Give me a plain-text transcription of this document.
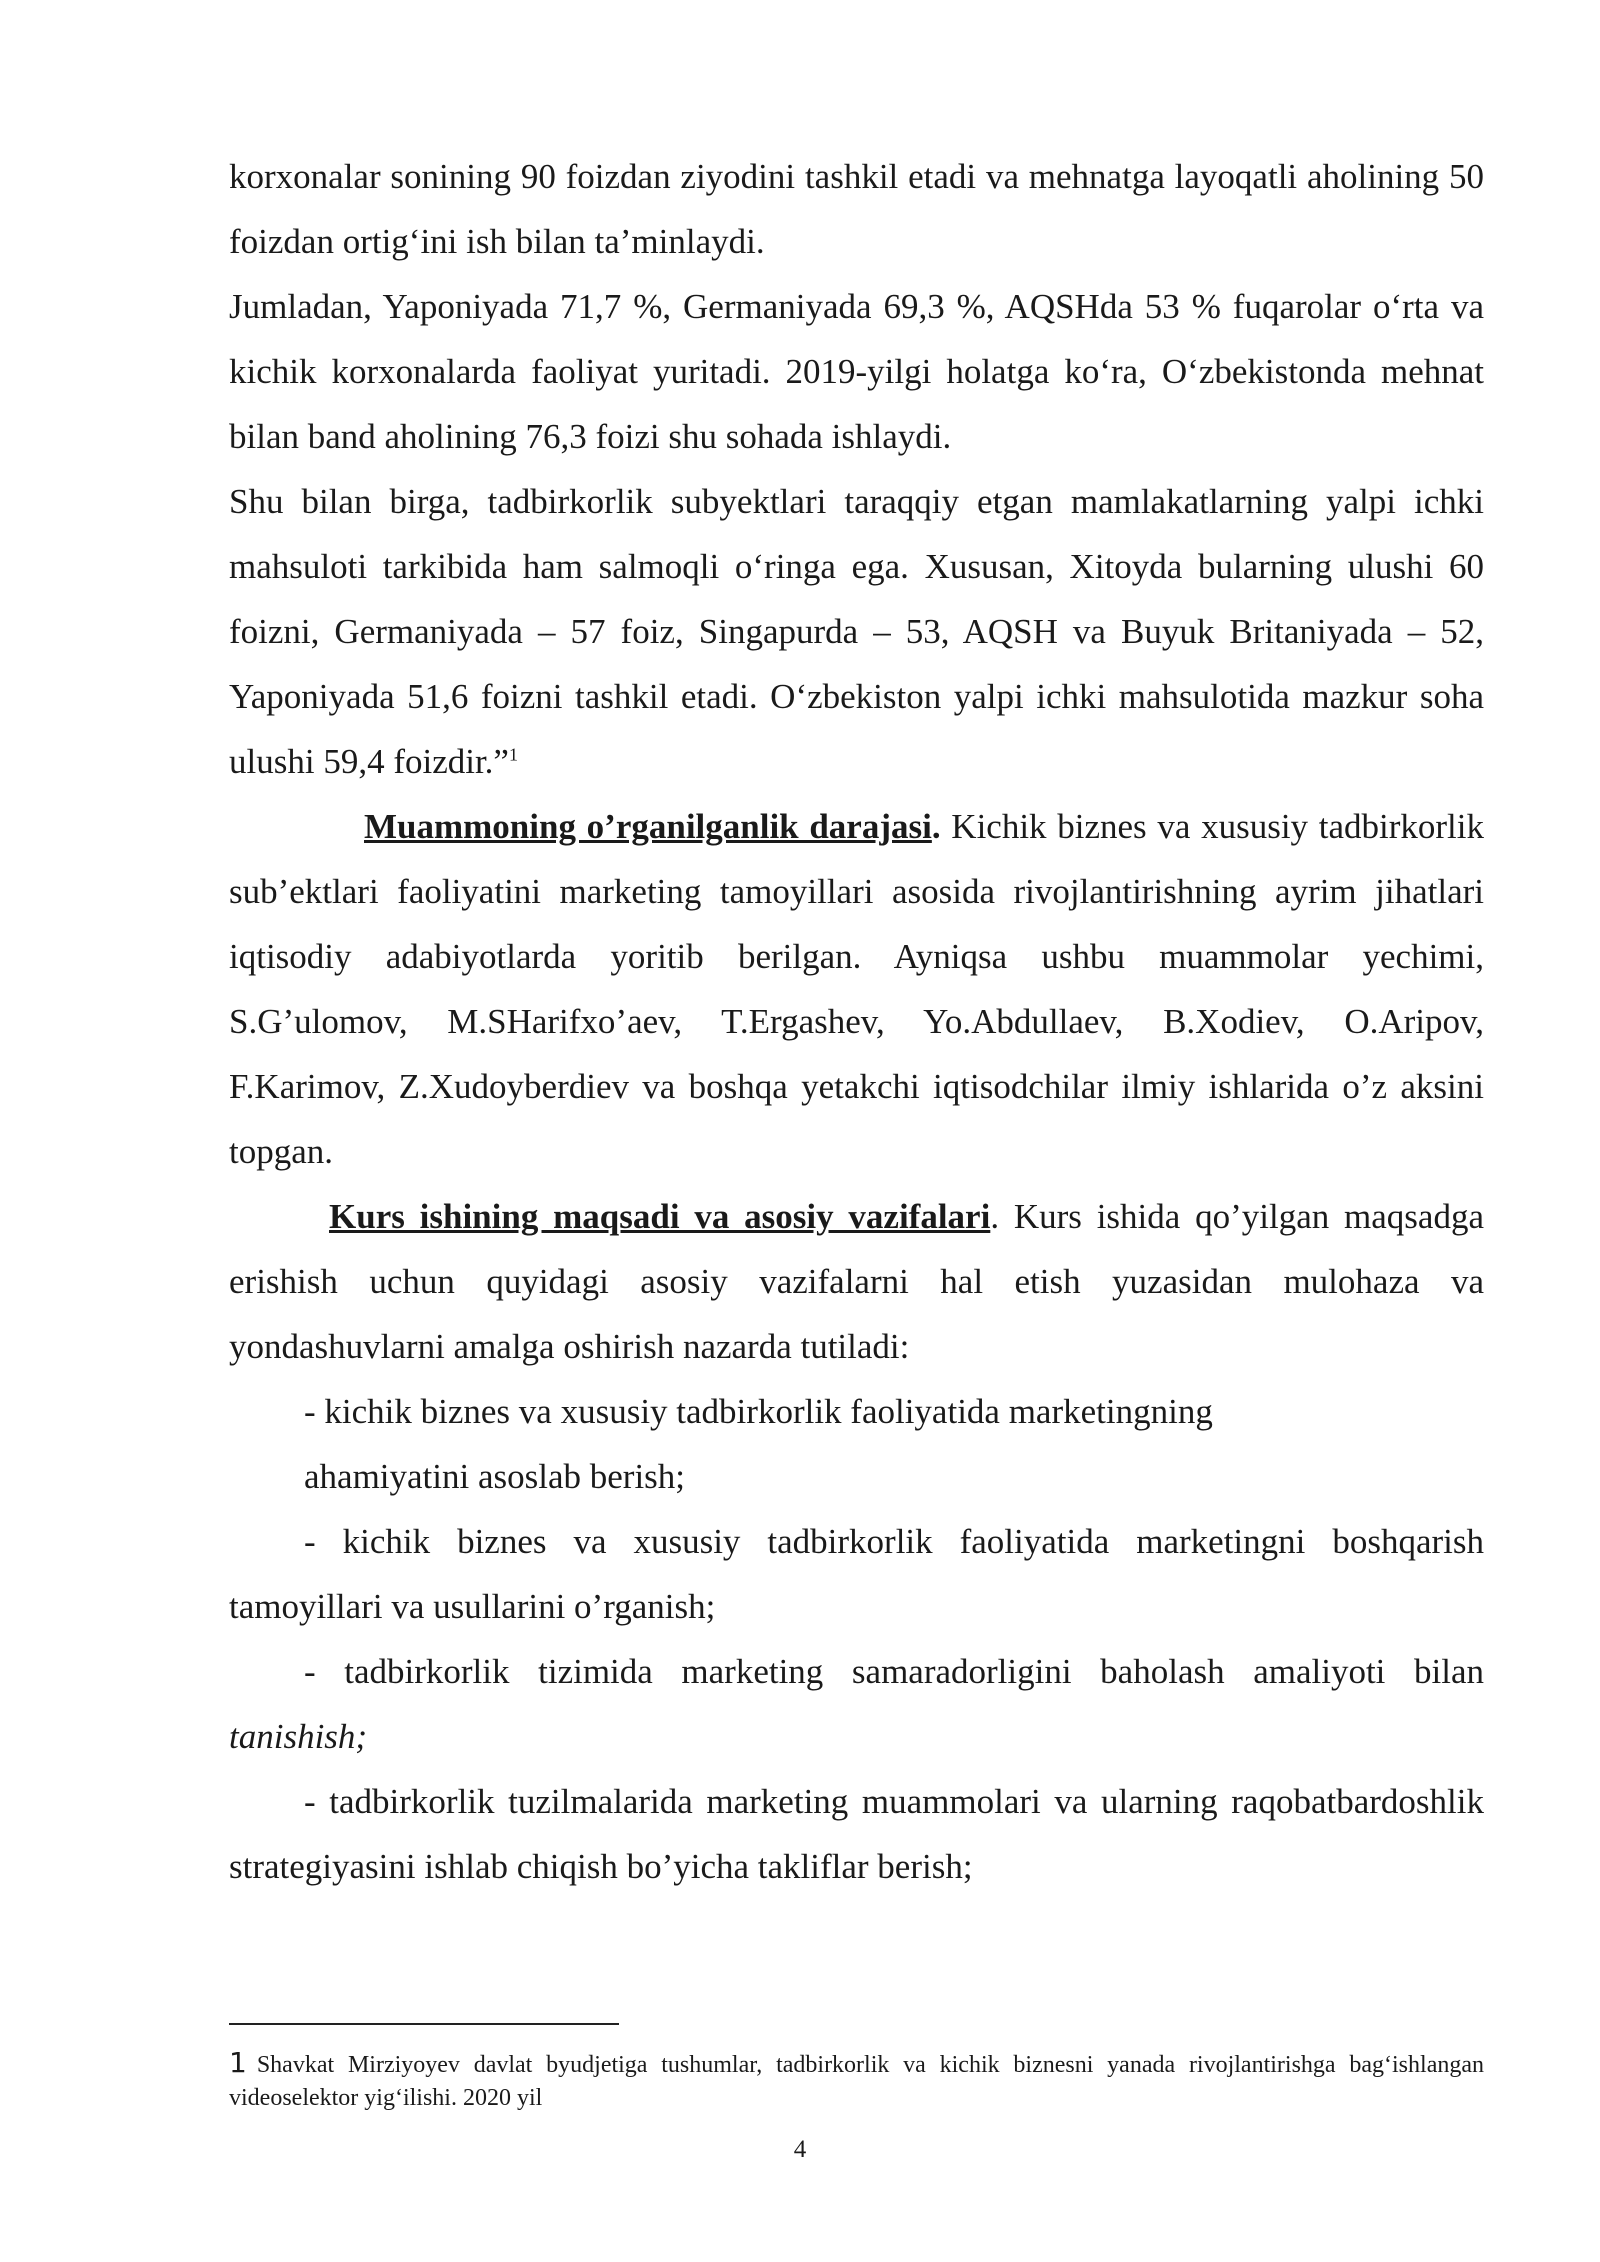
korxonalar sonining 90 foizdan ziyodini tashkil etadi va mehnatga layoqatli aholining 50 foizdan ortig‘ini ish bilan ta’minlaydi.

Jumladan, Yaponiyada 71,7 %, Germaniyada 69,3 %, AQSHda 53 % fuqarolar o‘rta va kichik korxonalarda faoliyat yuritadi. 2019-yilgi holatga ko‘ra, O‘zbekistonda mehnat bilan band aholining 76,3 foizi shu sohada ishlaydi.

Shu bilan birga, tadbirkorlik subyektlari taraqqiy etgan mamlakatlarning yalpi ichki mahsuloti tarkibida ham salmoqli o‘ringa ega. Xususan, Xitoyda bularning ulushi 60 foizni, Germaniyada – 57 foiz, Singapurda – 53, AQSH va Buyuk Britaniyada – 52, Yaponiyada 51,6 foizni tashkil etadi. O‘zbekiston yalpi ichki mahsulotida mazkur soha ulushi 59,4 foizdir.”$^1$

Muammoning o’rganilganlik darajasi. Kichik biznes va xususiy tadbirkorlik sub’ektlari faoliyatini marketing tamoyillari asosida rivojlantirishning ayrim jihatlari iqtisodiy adabiyotlarda yoritib berilgan. Ayniqsa ushbu muammolar yechimi, S.G’ulomov, M.SHarifxo’aev, T.Ergashev, Yo.Abdullaev, B.Xodiev, O.Aripov, F.Karimov, Z.Xudoyberdiev va boshqa yetakchi iqtisodchilar ilmiy ishlarida o’z aksini topgan.

Kurs ishining maqsadi va asosiy vazifalari. Kurs ishida qo’yilgan maqsadga erishish uchun quyidagi asosiy vazifalarni hal etish yuzasidan mulohaza va yondashuvlarni amalga oshirish nazarda tutiladi:

- kichik biznes va xususiy tadbirkorlik faoliyatida marketingning

ahamiyatini asoslab berish;

- kichik biznes va xususiy tadbirkorlik faoliyatida marketingni boshqarish tamoyillari va usullarini o’rganish;

- tadbirkorlik tizimida marketing samaradorligini baholash amaliyoti bilan tanishish;

- tadbirkorlik tuzilmalarida marketing muammolari va ularning raqobatbardoshlik strategiyasini ishlab chiqish bo’yicha takliflar berish;

1 Shavkat Mirziyoyev davlat byudjetiga tushumlar, tadbirkorlik va kichik biznesni yanada rivojlantirishga bag‘ishlangan videoselektor yig‘ilishi. 2020 yil
4
